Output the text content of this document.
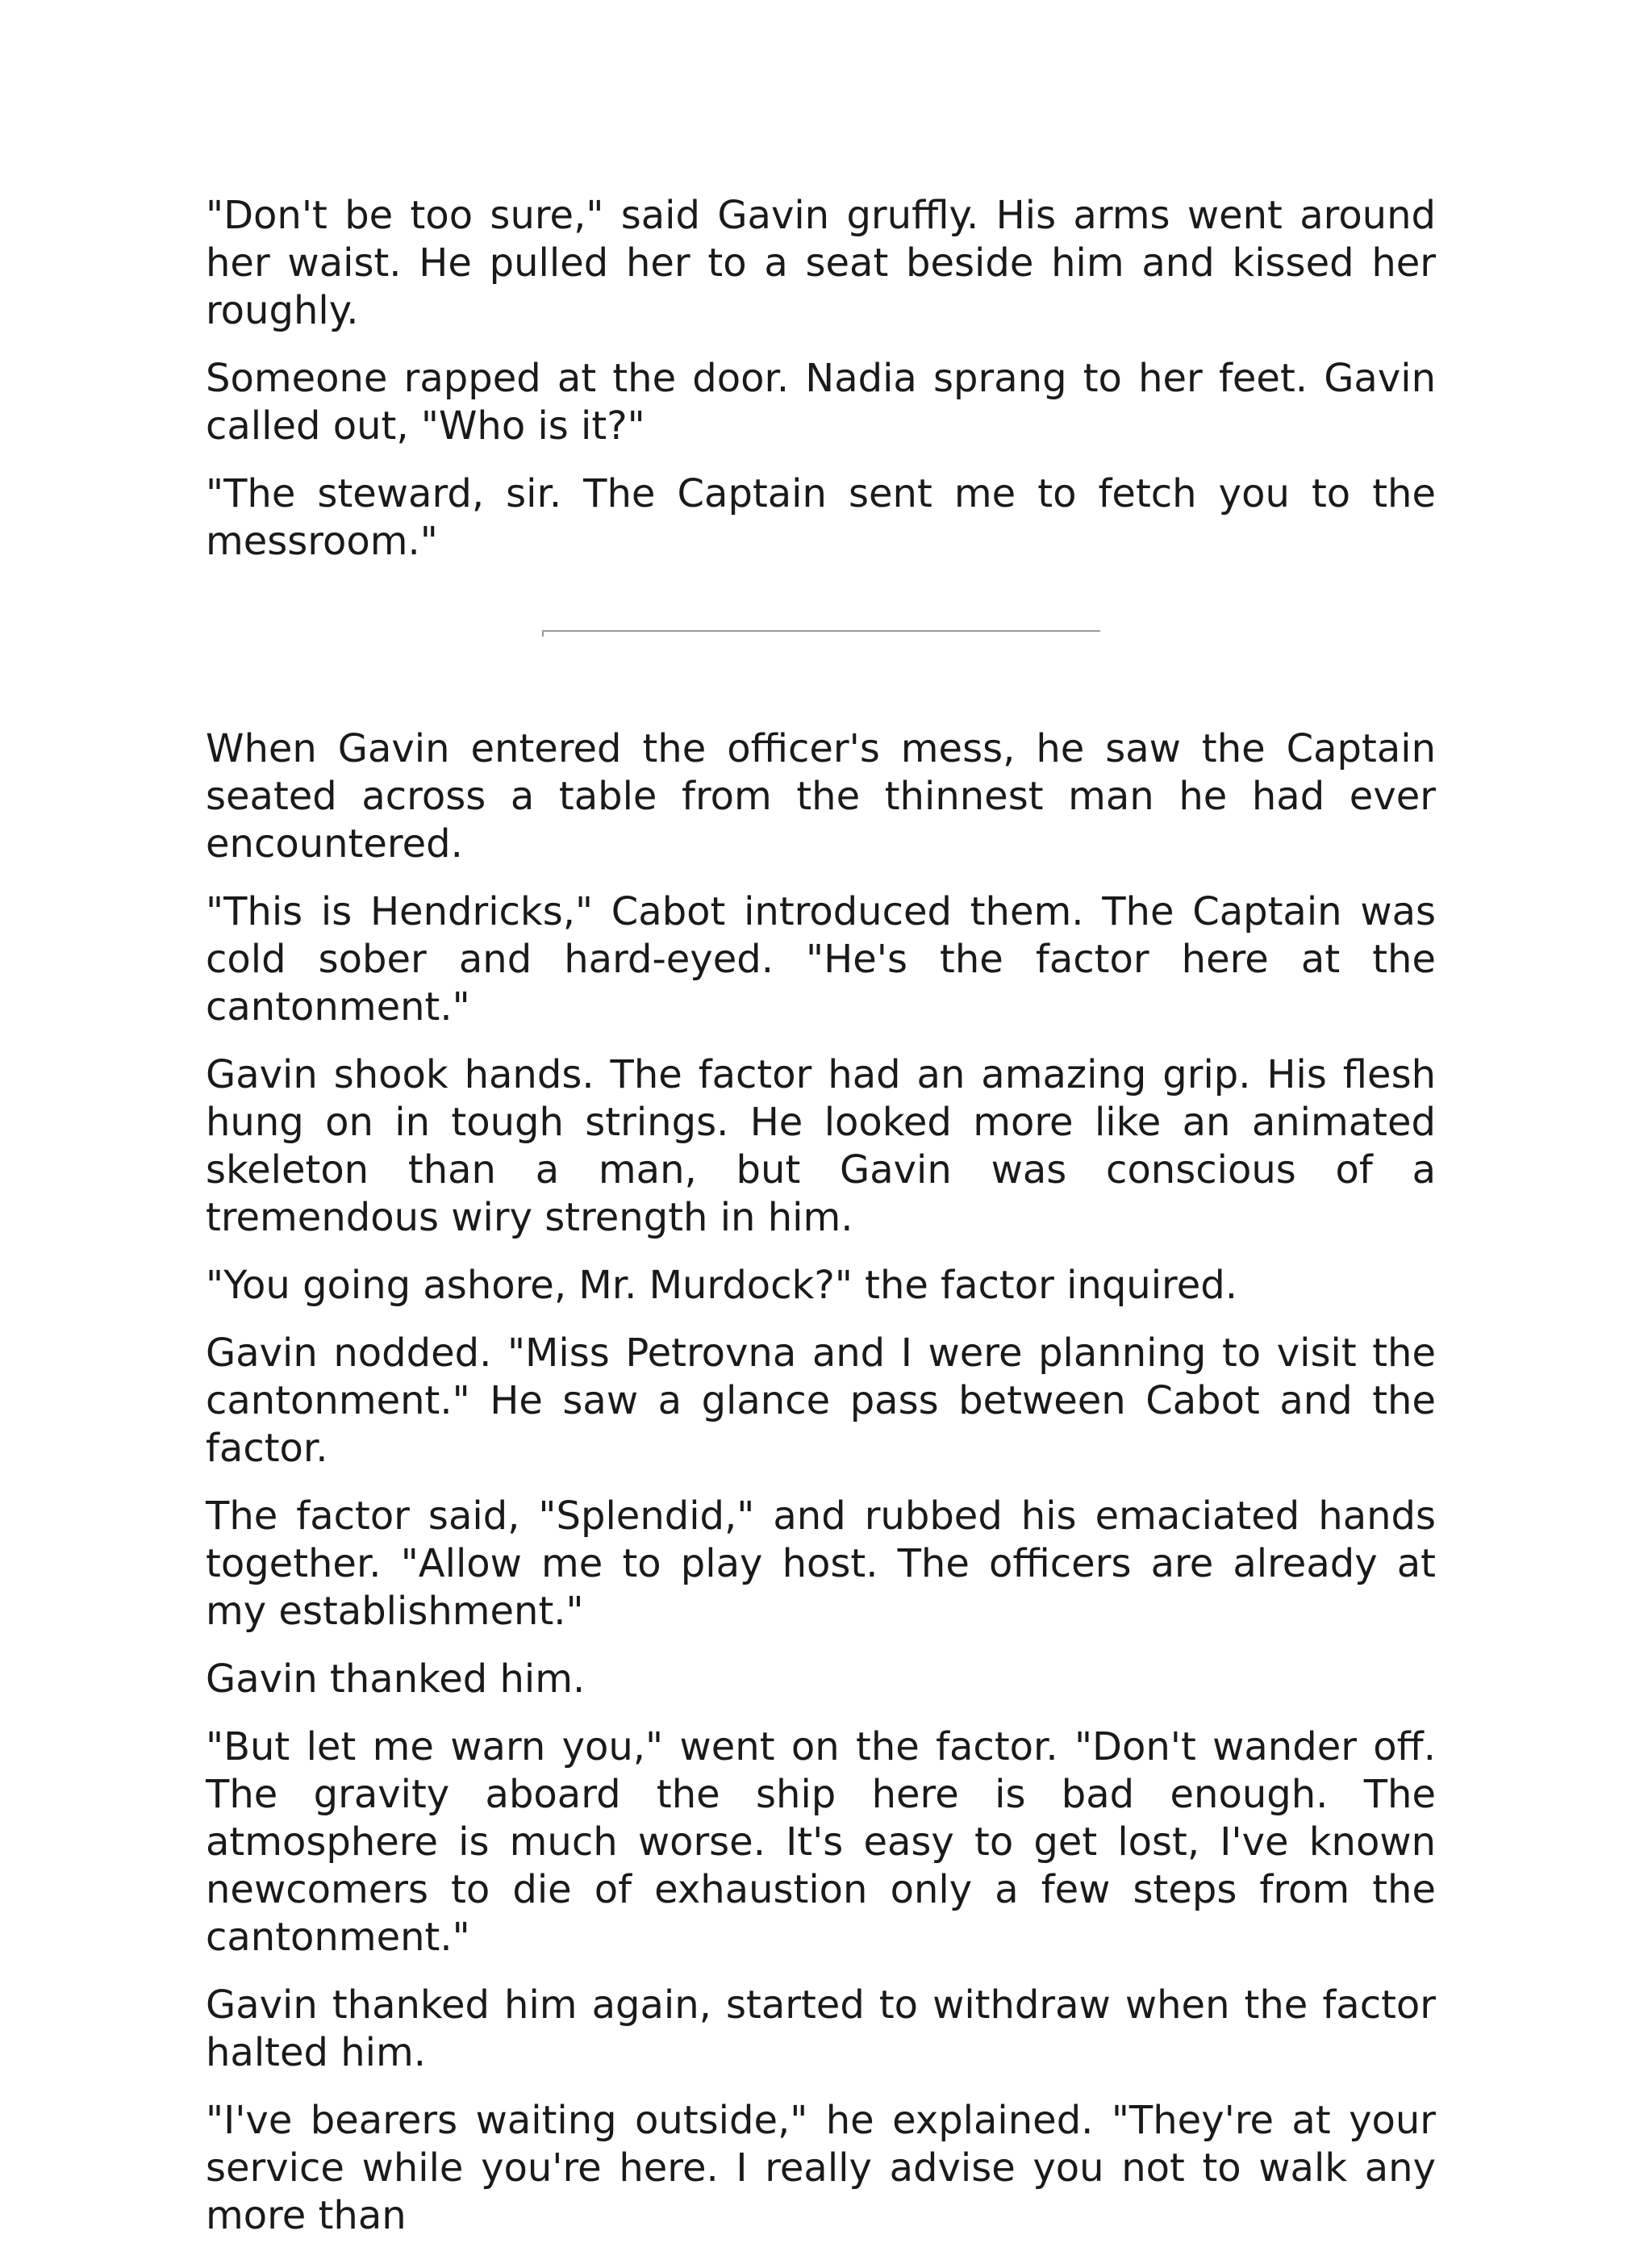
"Don't be too sure," said Gavin gruffly. His arms went around her waist. He pulled her to a seat beside him and kissed her roughly.

Someone rapped at the door. Nadia sprang to her feet. Gavin called out, "Who is it?"

"The steward, sir. The Captain sent me to fetch you to the messroom."

When Gavin entered the officer's mess, he saw the Captain seated across a table from the thinnest man he had ever encountered.

"This is Hendricks," Cabot introduced them. The Captain was cold sober and hard-eyed. "He's the factor here at the cantonment."

Gavin shook hands. The factor had an amazing grip. His flesh hung on in tough strings. He looked more like an animated skeleton than a man, but Gavin was conscious of a tremendous wiry strength in him.

"You going ashore, Mr. Murdock?" the factor inquired.

Gavin nodded. "Miss Petrovna and I were planning to visit the cantonment." He saw a glance pass between Cabot and the factor.

The factor said, "Splendid," and rubbed his emaciated hands together. "Allow me to play host. The officers are already at my establishment."

Gavin thanked him.

"But let me warn you," went on the factor. "Don't wander off. The gravity aboard the ship here is bad enough. The atmosphere is much worse. It's easy to get lost, I've known newcomers to die of exhaustion only a few steps from the cantonment."

Gavin thanked him again, started to withdraw when the factor halted him.

"I've bearers waiting outside," he explained. "They're at your service while you're here. I really advise you not to walk any more than
